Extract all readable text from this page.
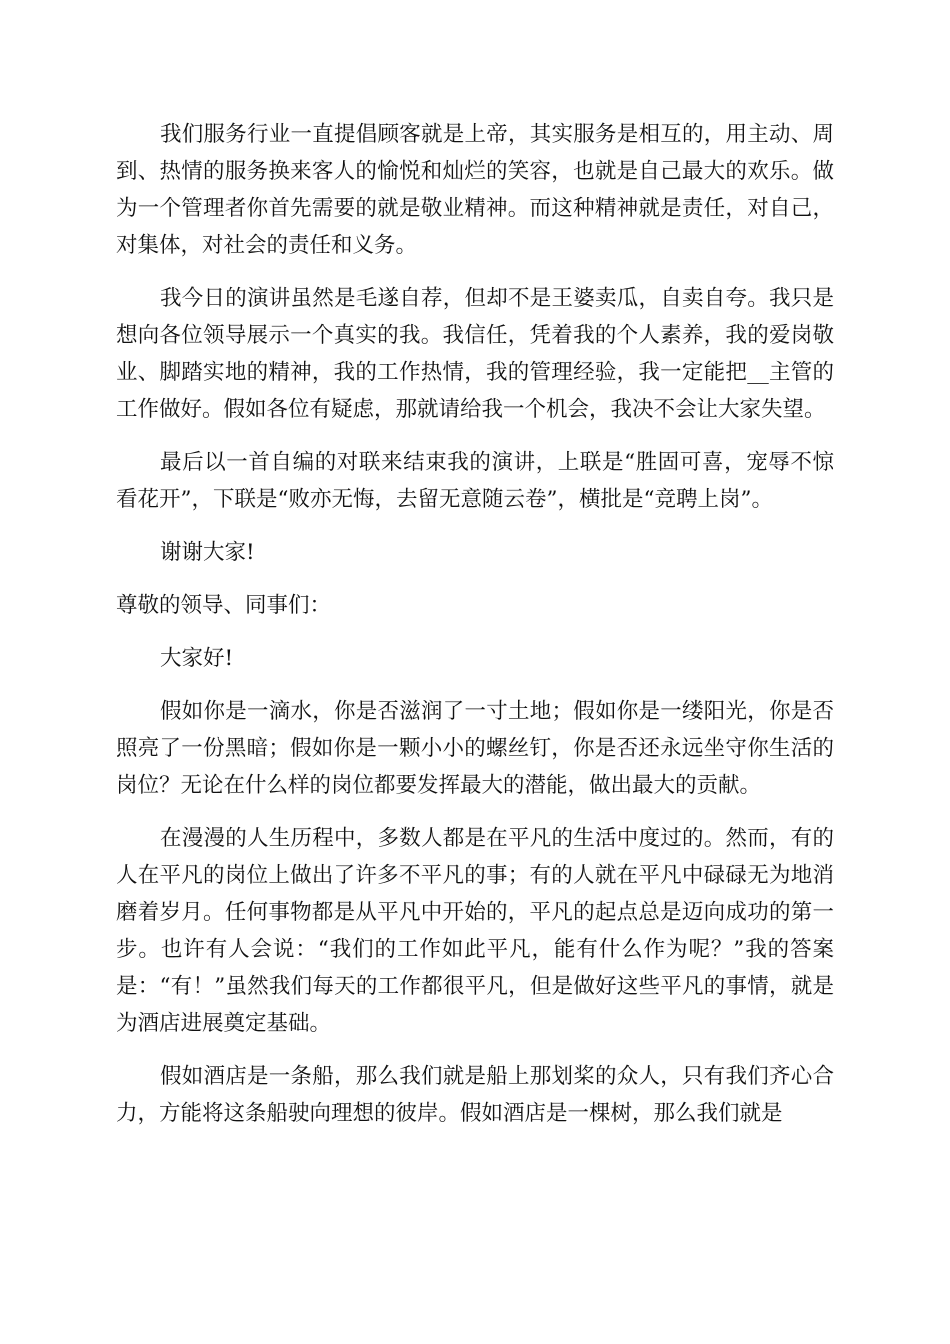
我们服务行业一直提倡顾客就是上帝，其实服务是相互的，用主动、周到、热情的服务换来客人的愉悦和灿烂的笑容，也就是自己最大的欢乐。做为一个管理者你首先需要的就是敬业精神。而这种精神就是责任，对自己，对集体，对社会的责任和义务。

我今日的演讲虽然是毛遂自荐，但却不是王婆卖瓜，自卖自夸。我只是想向各位领导展示一个真实的我。我信任，凭着我的个人素养，我的爱岗敬业、脚踏实地的精神，我的工作热情，我的管理经验，我一定能把__主管的工作做好。假如各位有疑虑，那就请给我一个机会，我决不会让大家失望。

最后以一首自编的对联来结束我的演讲，上联是“胜固可喜，宠辱不惊看花开”，下联是“败亦无悔，去留无意随云卷”，横批是“竞聘上岗”。

谢谢大家!

尊敬的领导、同事们：

大家好!

假如你是一滴水，你是否滋润了一寸土地；假如你是一缕阳光，你是否照亮了一份黑暗；假如你是一颗小小的螺丝钉，你是否还永远坐守你生活的岗位？无论在什么样的岗位都要发挥最大的潜能，做出最大的贡献。

在漫漫的人生历程中，多数人都是在平凡的生活中度过的。然而，有的人在平凡的岗位上做出了许多不平凡的事；有的人就在平凡中碌碌无为地消磨着岁月。任何事物都是从平凡中开始的，平凡的起点总是迈向成功的第一步。也许有人会说：“我们的工作如此平凡，能有什么作为呢？”我的答案是：“有！”虽然我们每天的工作都很平凡，但是做好这些平凡的事情，就是为酒店进展奠定基础。

假如酒店是一条船，那么我们就是船上那划桨的众人，只有我们齐心合力，方能将这条船驶向理想的彼岸。假如酒店是一棵树，那么我们就是
